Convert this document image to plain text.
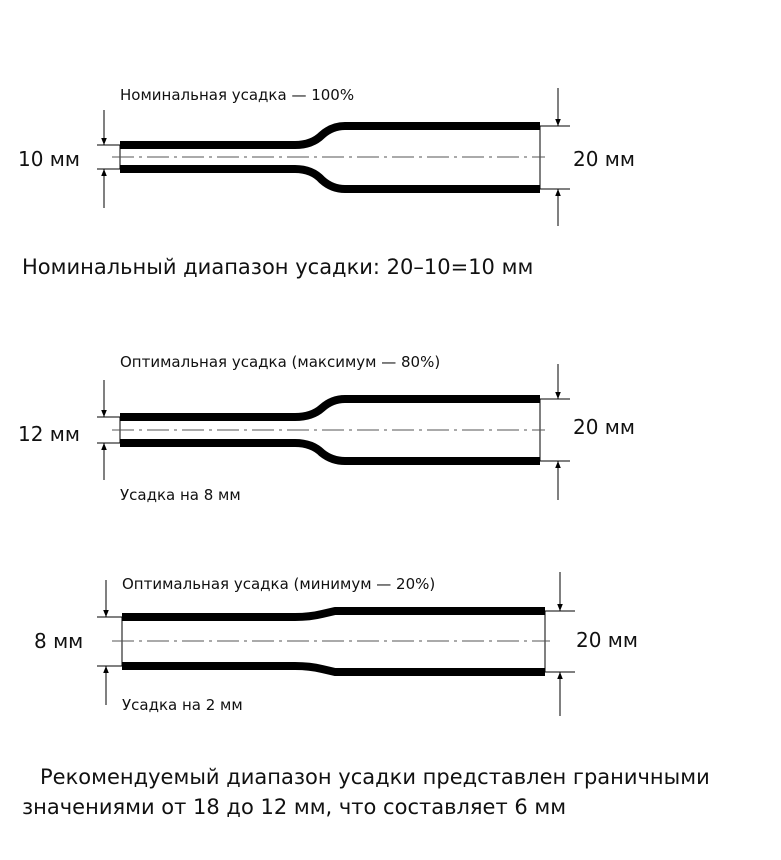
Номинальная усадка — 100%
10 мм	20 мм
Оптимальная усадка (максимум — 80%)
12 мм	20 мм
Усадка на 8 мм
Оптимальная усадка (минимум — 20%)
8 мм	20 мм
Усадка на 2 мм

Номинальный диапазон усадки: 20–10=10 мм

Рекомендуемый диапазон усадки представлен граничными значениями от 18 до 12 мм, что составляет 6 мм
